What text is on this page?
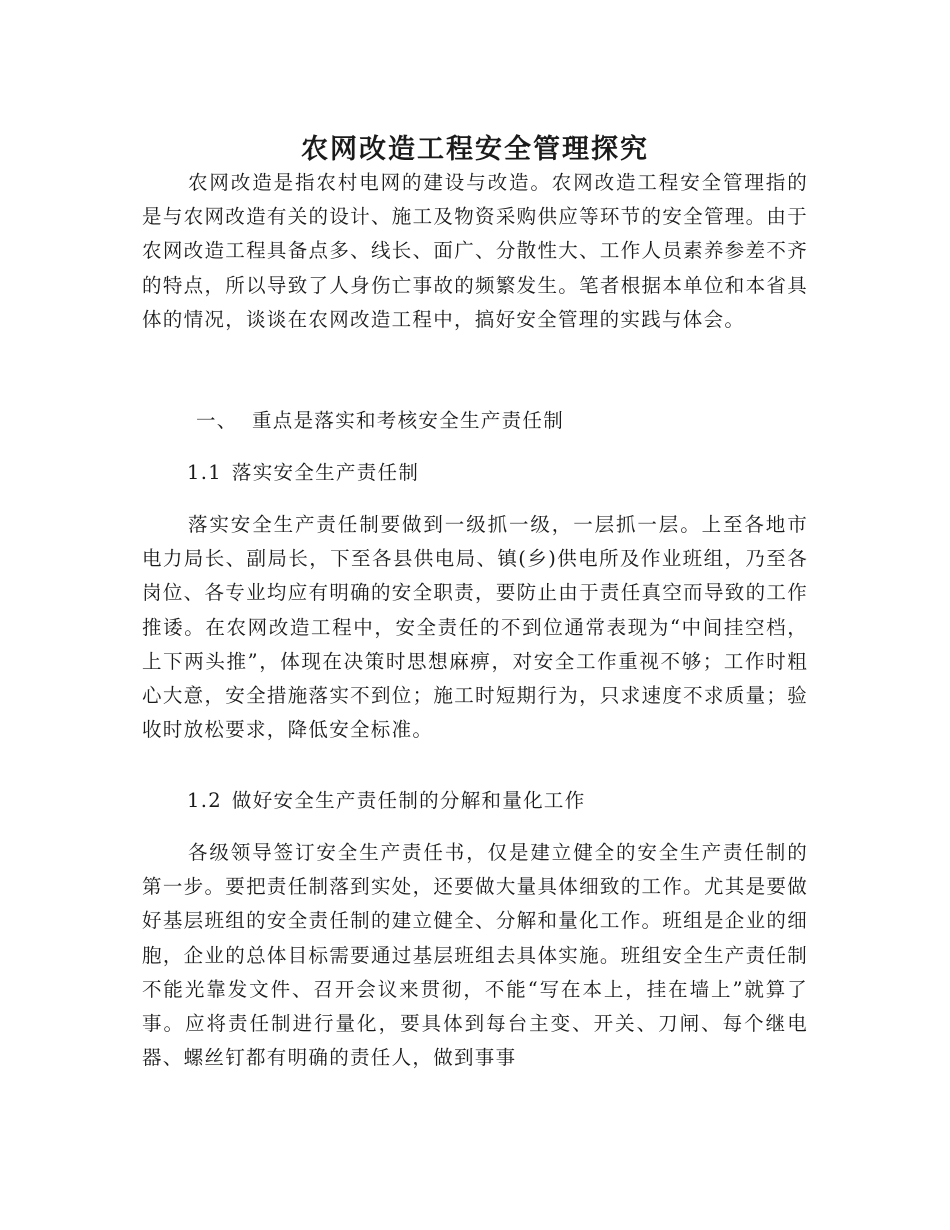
农网改造工程安全管理探究

农网改造是指农村电网的建设与改造。农网改造工程安全管理指的是与农网改造有关的设计、施工及物资采购供应等环节的安全管理。由于农网改造工程具备点多、线长、面广、分散性大、工作人员素养参差不齐的特点，所以导致了人身伤亡事故的频繁发生。笔者根据本单位和本省具体的情况，谈谈在农网改造工程中，搞好安全管理的实践与体会。

一、 重点是落实和考核安全生产责任制

1.1 落实安全生产责任制

落实安全生产责任制要做到一级抓一级，一层抓一层。上至各地市电力局长、副局长，下至各县供电局、镇(乡)供电所及作业班组，乃至各岗位、各专业均应有明确的安全职责，要防止由于责任真空而导致的工作推诿。在农网改造工程中，安全责任的不到位通常表现为“中间挂空档，上下两头推”，体现在决策时思想麻痹，对安全工作重视不够；工作时粗心大意，安全措施落实不到位；施工时短期行为，只求速度不求质量；验收时放松要求，降低安全标准。

1.2 做好安全生产责任制的分解和量化工作

各级领导签订安全生产责任书，仅是建立健全的安全生产责任制的第一步。要把责任制落到实处，还要做大量具体细致的工作。尤其是要做好基层班组的安全责任制的建立健全、分解和量化工作。班组是企业的细胞，企业的总体目标需要通过基层班组去具体实施。班组安全生产责任制不能光靠发文件、召开会议来贯彻，不能“写在本上，挂在墙上”就算了事。应将责任制进行量化，要具体到每台主变、开关、刀闸、每个继电器、螺丝钉都有明确的责任人，做到事事
